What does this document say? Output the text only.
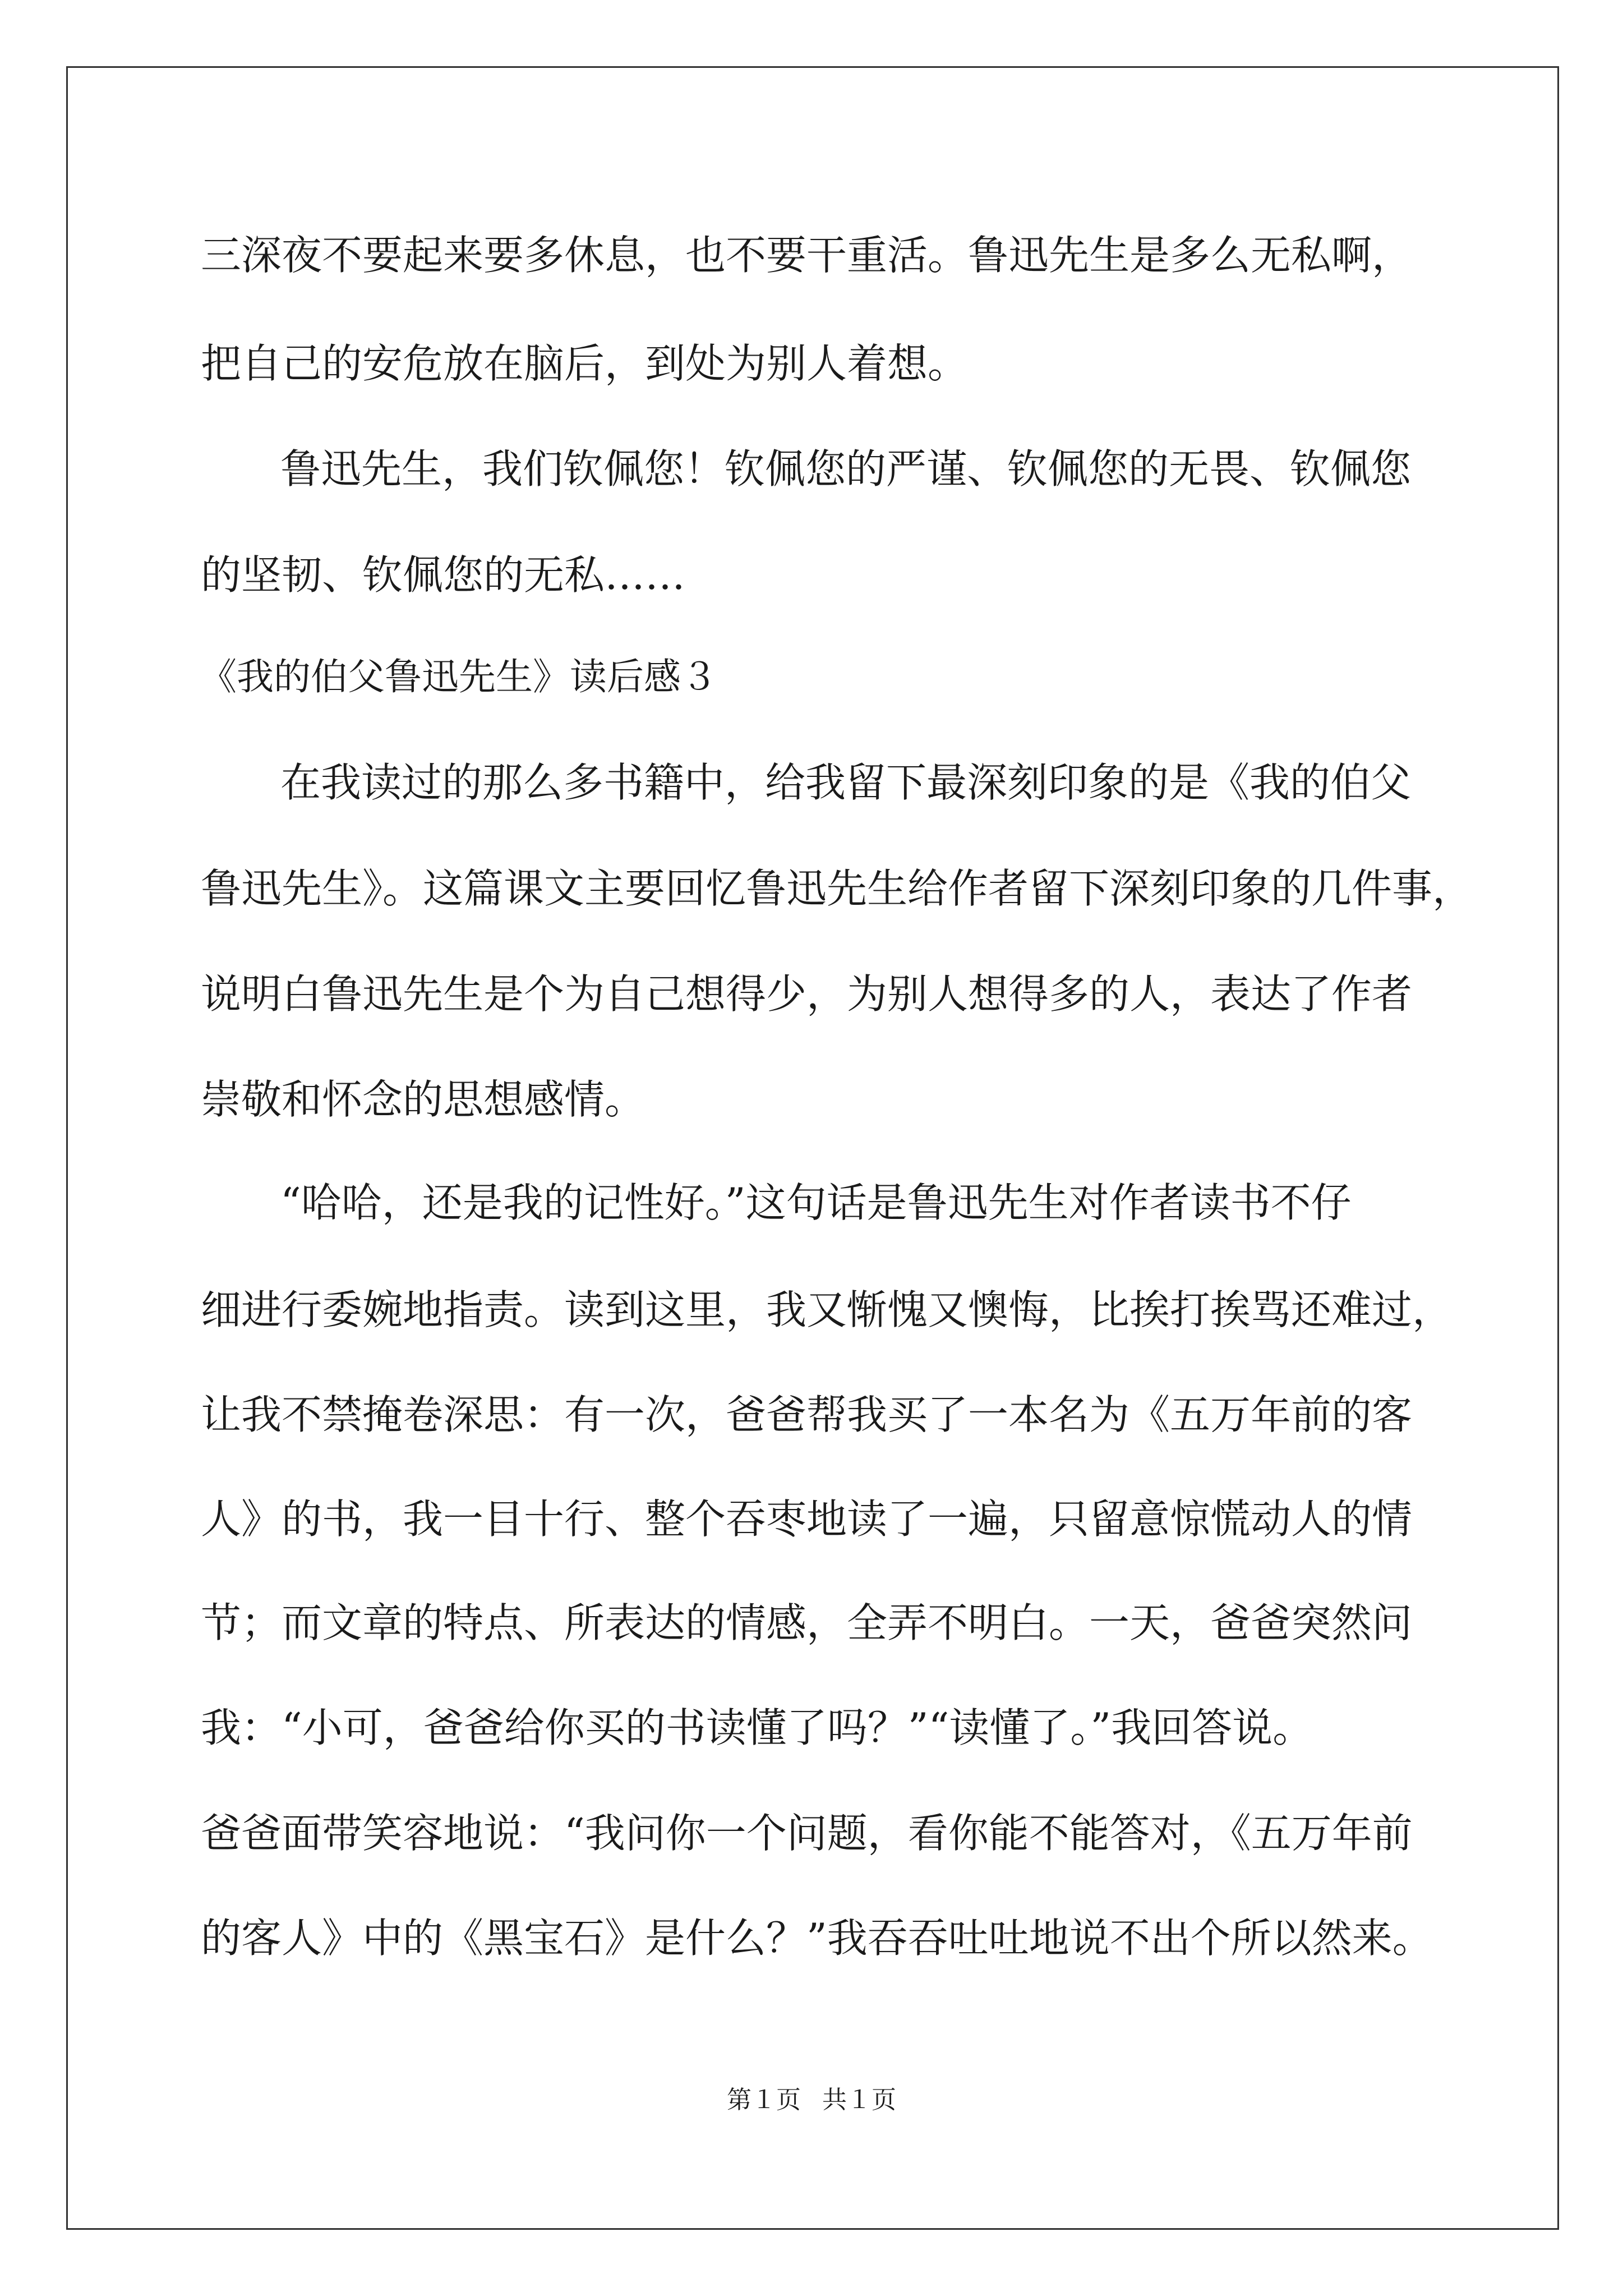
三深夜不要起来要多休息，也不要干重活。鲁迅先生是多么无私啊，
把自己的安危放在脑后，到处为别人着想。
鲁迅先生，我们钦佩您！钦佩您的严谨、钦佩您的无畏、钦佩您
的坚韧、钦佩您的无私……
《我的伯父鲁迅先生》读后感３
在我读过的那么多书籍中，给我留下最深刻印象的是《我的伯父
鲁迅先生》。这篇课文主要回忆鲁迅先生给作者留下深刻印象的几件事，
说明白鲁迅先生是个为自己想得少，为别人想得多的人，表达了作者
崇敬和怀念的思想感情。
“哈哈，还是我的记性好。”这句话是鲁迅先生对作者读书不仔
细进行委婉地指责。读到这里，我又惭愧又懊悔，比挨打挨骂还难过，
让我不禁掩卷深思：有一次，爸爸帮我买了一本名为《五万年前的客
人》的书，我一目十行、整个吞枣地读了一遍，只留意惊慌动人的情
节；而文章的特点、所表达的情感，全弄不明白。一天，爸爸突然问
我：“小可，爸爸给你买的书读懂了吗？”“读懂了。”我回答说。
爸爸面带笑容地说：“我问你一个问题，看你能不能答对，《五万年前
的客人》中的《黑宝石》是什么？”我吞吞吐吐地说不出个所以然来。
第１页 共１页
